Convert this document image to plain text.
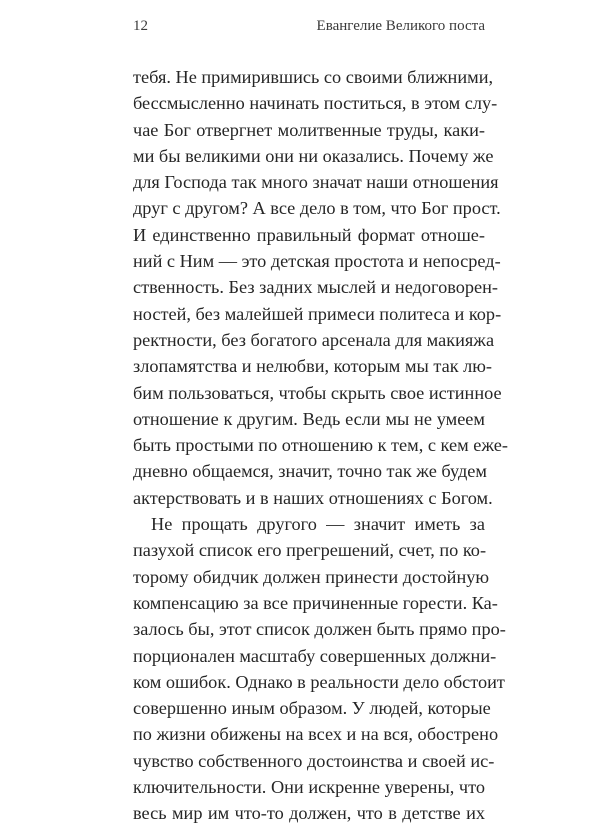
12	Евангелие Великого поста
тебя. Не примирившись со своими ближними,
бессмысленно начинать поститься, в этом слу-
чае Бог отвергнет молитвенные труды, каки-
ми бы великими они ни оказались. Почему же
для Господа так много значат наши отношения
друг с другом? А все дело в том, что Бог прост.
И единственно правильный формат отноше-
ний с Ним — это детская простота и непосред-
ственность. Без задних мыслей и недоговорен-
ностей, без малейшей примеси политеса и кор-
ректности, без богатого арсенала для макияжа
злопамятства и нелюбви, которым мы так лю-
бим пользоваться, чтобы скрыть свое истинное
отношение к другим. Ведь если мы не умеем
быть простыми по отношению к тем, с кем еже-
дневно общаемся, значит, точно так же будем
актерствовать и в наших отношениях с Богом.
Не прощать другого — значит иметь за
пазухой список его прегрешений, счет, по ко-
торому обидчик должен принести достойную
компенсацию за все причиненные горести. Ка-
залось бы, этот список должен быть прямо про-
порционален масштабу совершенных должни-
ком ошибок. Однако в реальности дело обстоит
совершенно иным образом. У людей, которые
по жизни обижены на всех и на вся, обострено
чувство собственного достоинства и своей ис-
ключительности. Они искренне уверены, что
весь мир им что-то должен, что в детстве их
